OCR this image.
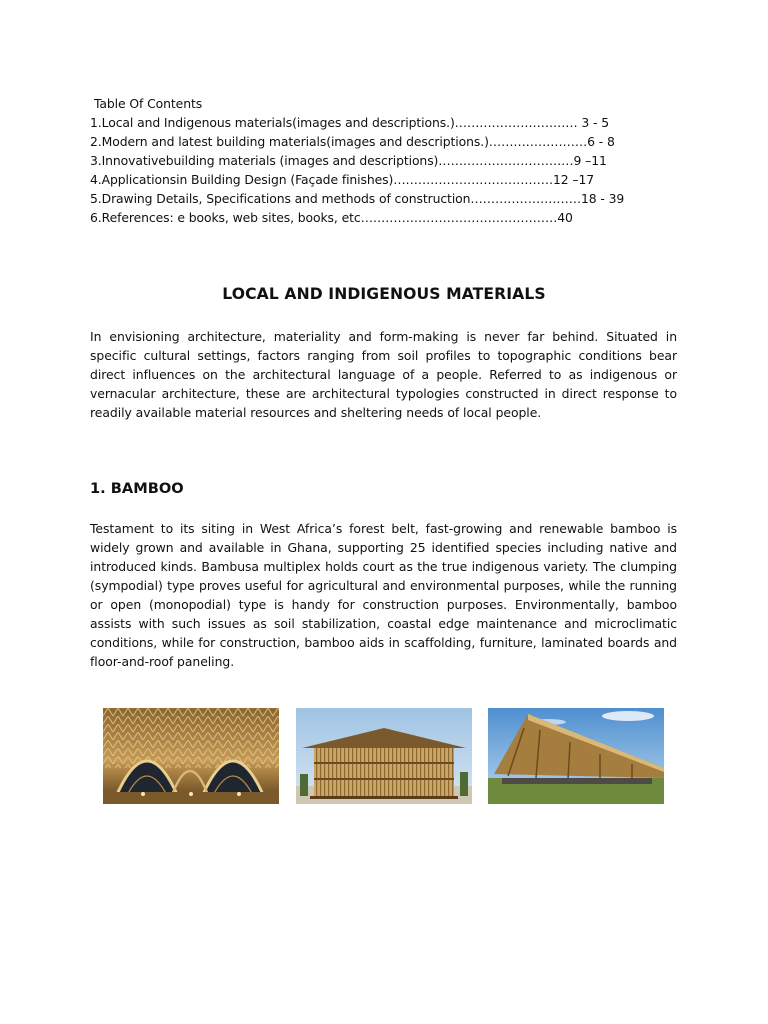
Table Of Contents
1.Local and Indigenous materials(images and descriptions.)………………………… 3 - 5
2.Modern and latest building materials(images and descriptions.)……………………6 - 8
3.Innovativebuilding materials (images and descriptions)……………………………9 –11
4.Applicationsin Building Design (Façade finishes)…………………………………12 –17
5.Drawing Details, Specifications and methods of construction………………………18 - 39
6.References: e books, web sites, books, etc…………………………………………40
LOCAL AND INDIGENOUS MATERIALS

In envisioning architecture, materiality and form-making is never far behind. Situated in specific cultural settings, factors ranging from soil profiles to topographic conditions bear direct influences on the architectural language of a people. Referred to as indigenous or vernacular architecture, these are architectural typologies constructed in direct response to readily available material resources and sheltering needs of local people.

1. BAMBOO

Testament to its siting in West Africa’s forest belt, fast-growing and renewable bamboo is widely grown and available in Ghana, supporting 25 identified species including native and introduced kinds. Bambusa multiplex holds court as the true indigenous variety. The clumping (sympodial) type proves useful for agricultural and environmental purposes, while the running or open (monopodial) type is handy for construction purposes. Environmentally, bamboo assists with such issues as soil stabilization, coastal edge maintenance and microclimatic conditions, while for construction, bamboo aids in scaffolding, furniture, laminated boards and floor-and-roof paneling.
